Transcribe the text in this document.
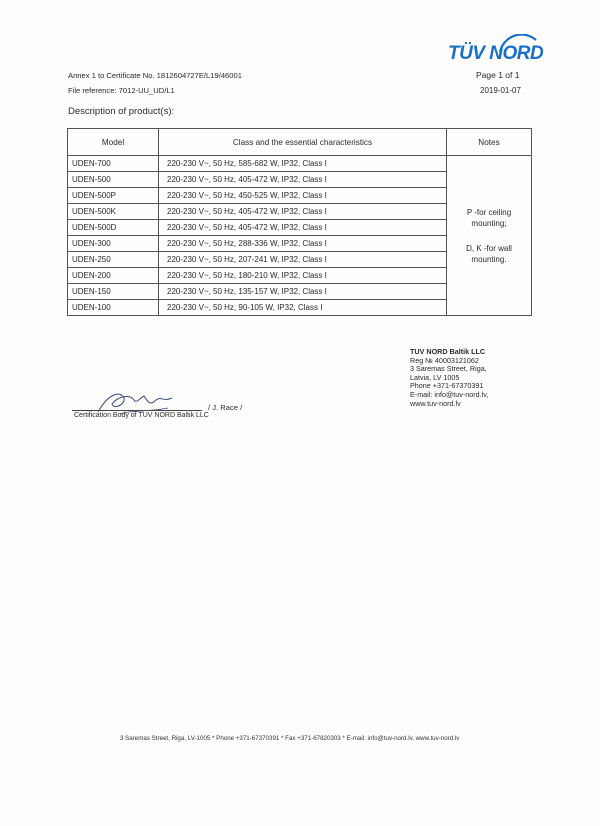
TÜV NORD
Annex 1 to Certificate No. 1812604727E/L19/46001	Page 1 of 1
File reference: 7012-UU_UD/L1	2019-01-07
Description of product(s):
Model	Class and the essential characteristics	Notes
UDEN-700	220-230 V~, 50 Hz, 585-682 W, IP32, Class I	P -for ceiling mounting;
D, K -for wall mounting.

UDEN-500	220-230 V~, 50 Hz, 405-472 W, IP32, Class I	
UDEN-500P	220-230 V~, 50 Hz, 450-525 W, IP32, Class I	
UDEN-500K	220-230 V~, 50 Hz, 405-472 W, IP32, Class I	
UDEN-500D	220-230 V~, 50 Hz, 405-472 W, IP32, Class I	
UDEN-300	220-230 V~, 50 Hz, 288-336 W, IP32, Class I	
UDEN-250	220-230 V~, 50 Hz, 207-241 W, IP32, Class I	
UDEN-200	220-230 V~, 50 Hz, 180-210 W, IP32, Class I	
UDEN-150	220-230 V~, 50 Hz, 135-157 W, IP32, Class I	
UDEN-100	220-230 V~, 50 Hz, 90-105 W, IP32, Class I	
TUV NORD Baltik LLC
Reg № 40003121062
3 Saremas Street, Riga,
Latvia, LV 1005
Phone +371-67370391
E-mail: info@tuv-nord.lv,
www.tuv-nord.lv
/ J. Race /
Certification Body of TUV NORD Baltik LLC
3 Saremas Street, Riga, LV-1005 * Phone +371-67370391 * Fax +371-67820303 * E-mail: info@tuv-nord.lv, www.tuv-nord.lv
